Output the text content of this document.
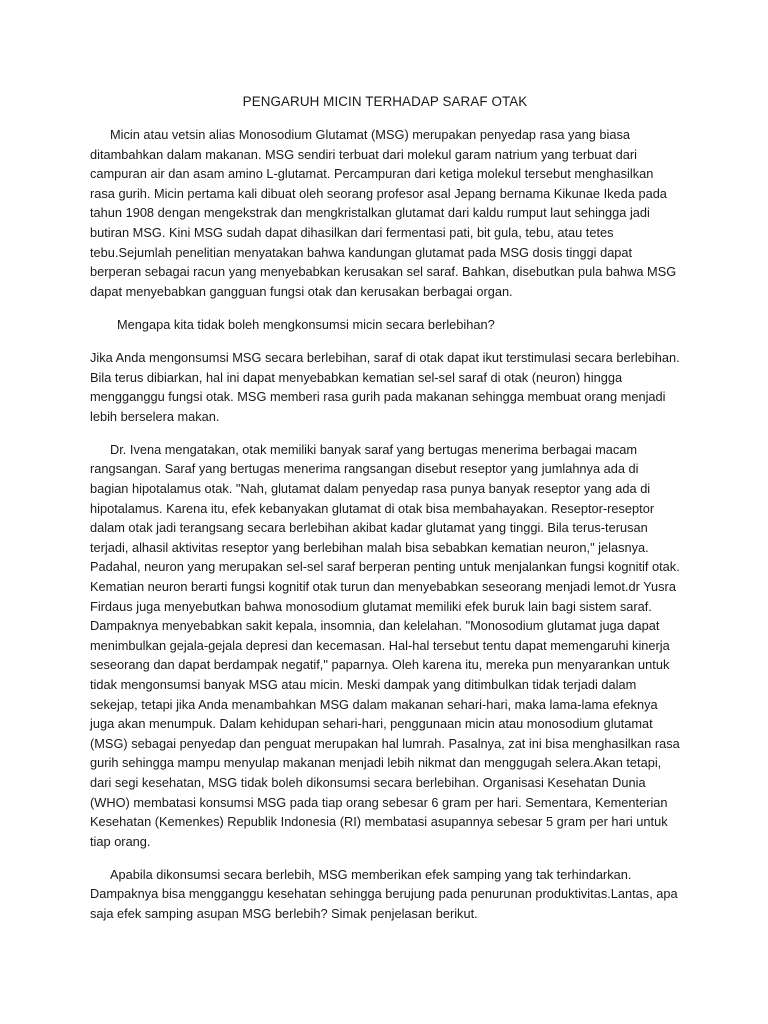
PENGARUH MICIN TERHADAP SARAF OTAK

Micin atau vetsin alias Monosodium Glutamat (MSG) merupakan penyedap rasa yang biasa ditambahkan dalam makanan. MSG sendiri terbuat dari molekul garam natrium yang terbuat dari campuran air dan asam amino L-glutamat. Percampuran dari ketiga molekul tersebut menghasilkan rasa gurih. Micin pertama kali dibuat oleh seorang profesor asal Jepang bernama Kikunae Ikeda pada tahun 1908 dengan mengekstrak dan mengkristalkan glutamat dari kaldu rumput laut sehingga jadi butiran MSG. Kini MSG sudah dapat dihasilkan dari fermentasi pati, bit gula, tebu, atau tetes tebu.Sejumlah penelitian menyatakan bahwa kandungan glutamat pada MSG dosis tinggi dapat berperan sebagai racun yang menyebabkan kerusakan sel saraf. Bahkan, disebutkan pula bahwa MSG dapat menyebabkan gangguan fungsi otak dan kerusakan berbagai organ.

Mengapa kita tidak boleh mengkonsumsi micin secara berlebihan?

Jika Anda mengonsumsi MSG secara berlebihan, saraf di otak dapat ikut terstimulasi secara berlebihan. Bila terus dibiarkan, hal ini dapat menyebabkan kematian sel-sel saraf di otak (neuron) hingga mengganggu fungsi otak. MSG memberi rasa gurih pada makanan sehingga membuat orang menjadi lebih berselera makan.

Dr. Ivena mengatakan, otak memiliki banyak saraf yang bertugas menerima berbagai macam rangsangan. Saraf yang bertugas menerima rangsangan disebut reseptor yang jumlahnya ada di bagian hipotalamus otak. "Nah, glutamat dalam penyedap rasa punya banyak reseptor yang ada di hipotalamus. Karena itu, efek kebanyakan glutamat di otak bisa membahayakan. Reseptor-reseptor dalam otak jadi terangsang secara berlebihan akibat kadar glutamat yang tinggi. Bila terus-terusan terjadi, alhasil aktivitas reseptor yang berlebihan malah bisa sebabkan kematian neuron," jelasnya. Padahal, neuron yang merupakan sel-sel saraf berperan penting untuk menjalankan fungsi kognitif otak. Kematian neuron berarti fungsi kognitif otak turun dan menyebabkan seseorang menjadi lemot.dr Yusra Firdaus juga menyebutkan bahwa monosodium glutamat memiliki efek buruk lain bagi sistem saraf. Dampaknya menyebabkan sakit kepala, insomnia, dan kelelahan. "Monosodium glutamat juga dapat menimbulkan gejala-gejala depresi dan kecemasan. Hal-hal tersebut tentu dapat memengaruhi kinerja seseorang dan dapat berdampak negatif," paparnya. Oleh karena itu, mereka pun menyarankan untuk tidak mengonsumsi banyak MSG atau micin. Meski dampak yang ditimbulkan tidak terjadi dalam sekejap, tetapi jika Anda menambahkan MSG dalam makanan sehari-hari, maka lama-lama efeknya juga akan menumpuk. Dalam kehidupan sehari-hari, penggunaan micin atau monosodium glutamat (MSG) sebagai penyedap dan penguat merupakan hal lumrah. Pasalnya, zat ini bisa menghasilkan rasa gurih sehingga mampu menyulap makanan menjadi lebih nikmat dan menggugah selera.Akan tetapi, dari segi kesehatan, MSG tidak boleh dikonsumsi secara berlebihan. Organisasi Kesehatan Dunia (WHO) membatasi konsumsi MSG pada tiap orang sebesar 6 gram per hari. Sementara, Kementerian Kesehatan (Kemenkes) Republik Indonesia (RI) membatasi asupannya sebesar 5 gram per hari untuk tiap orang.

Apabila dikonsumsi secara berlebih, MSG memberikan efek samping yang tak terhindarkan. Dampaknya bisa mengganggu kesehatan sehingga berujung pada penurunan produktivitas.Lantas, apa saja efek samping asupan MSG berlebih? Simak penjelasan berikut.
